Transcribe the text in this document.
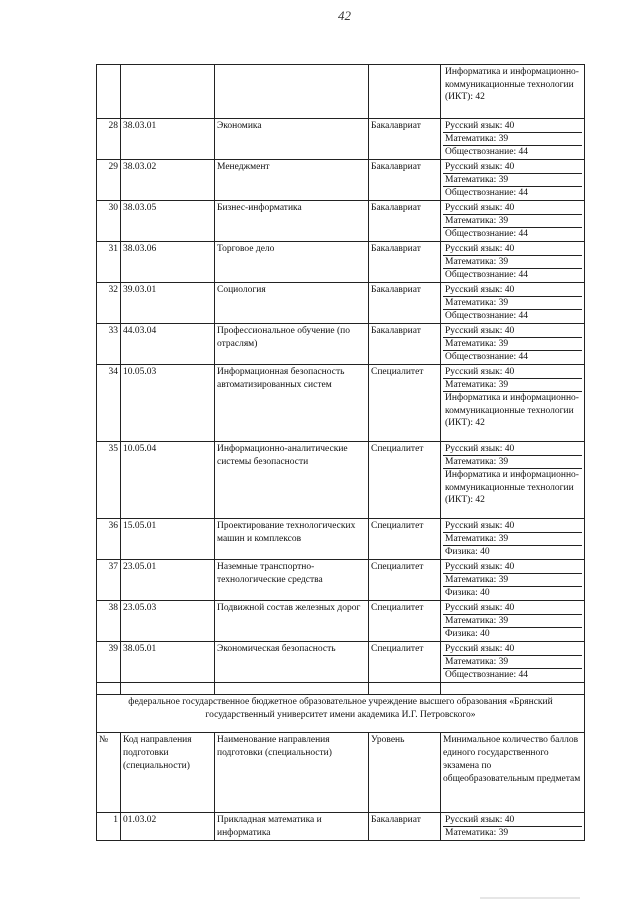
42

				Информатика и информационно-коммуникационные технологии (ИКТ): 42

28	38.03.01	Экономика	Бакалавриат	Русский язык: 40
Математика: 39
Обществознание: 44

29	38.03.02	Менеджмент	Бакалавриат	Русский язык: 40
Математика: 39
Обществознание: 44

30	38.03.05	Бизнес-информатика	Бакалавриат	Русский язык: 40
Математика: 39
Обществознание: 44

31	38.03.06	Торговое дело	Бакалавриат	Русский язык: 40
Математика: 39
Обществознание: 44

32	39.03.01	Социология	Бакалавриат	Русский язык: 40
Математика: 39
Обществознание: 44

33	44.03.04	Профессиональное обучение (по отраслям)	Бакалавриат	Русский язык: 40
Математика: 39
Обществознание: 44

34	10.05.03	Информационная безопасность автоматизированных систем	Специалитет	Русский язык: 40
Математика: 39
Информатика и информационно-коммуникационные технологии (ИКТ): 42

35	10.05.04	Информационно-аналитические системы безопасности	Специалитет	Русский язык: 40
Математика: 39
Информатика и информационно-коммуникационные технологии (ИКТ): 42

36	15.05.01	Проектирование технологических машин и комплексов	Специалитет	Русский язык: 40
Математика: 39
Физика: 40

37	23.05.01	Наземные транспортно-технологические средства	Специалитет	Русский язык: 40
Математика: 39
Физика: 40

38	23.05.03	Подвижной состав железных дорог	Специалитет	Русский язык: 40
Математика: 39
Физика: 40

39	38.05.01	Экономическая безопасность	Специалитет	Русский язык: 40
Математика: 39
Обществознание: 44

федеральное государственное бюджетное образовательное учреждение высшего образования «Брянский государственный университет имени академика И.Г. Петровского»				
№	Код направления подготовки (специальности)	Наименование направления подготовки (специальности)	Уровень	Минимальное количество баллов единого государственного экзамена по общеобразовательным предметам
1	01.03.02	Прикладная математика и информатика	Бакалавриат	Русский язык: 40
Математика: 39
